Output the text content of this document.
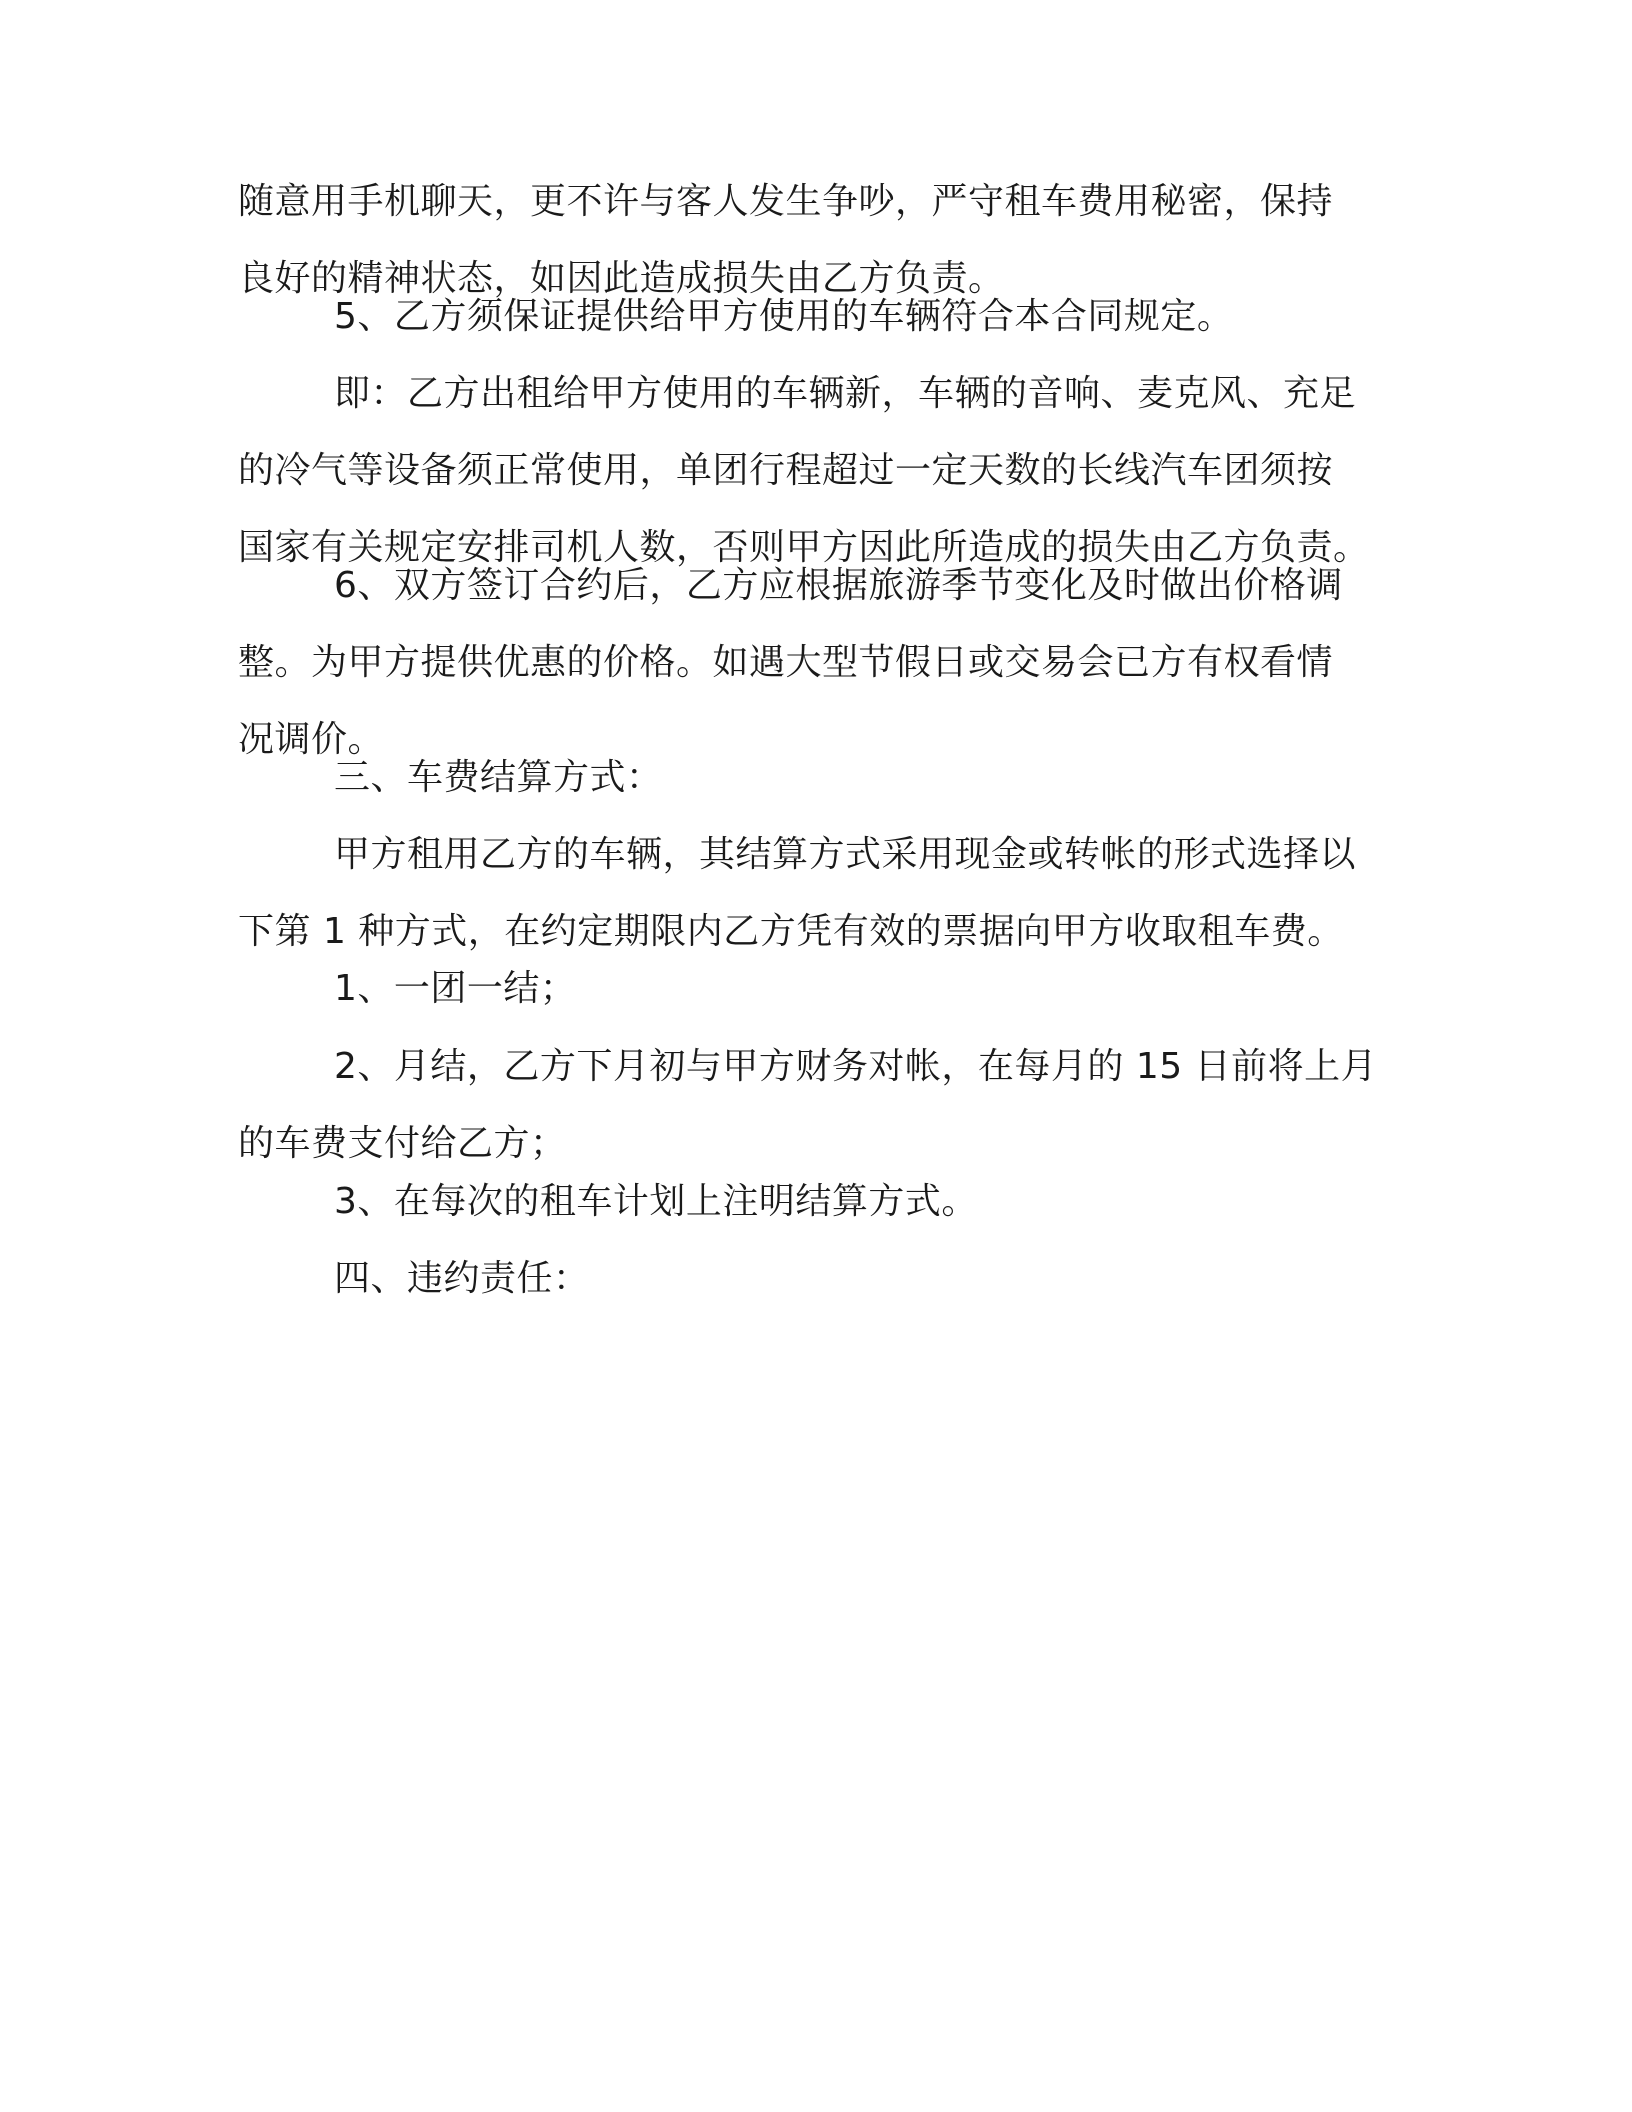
随意用手机聊天，更不许与客人发生争吵，严守租车费用秘密，保持
良好的精神状态，如因此造成损失由乙方负责。

5、乙方须保证提供给甲方使用的车辆符合本合同规定。

即：乙方出租给甲方使用的车辆新，车辆的音响、麦克风、充足
的冷气等设备须正常使用，单团行程超过一定天数的长线汽车团须按
国家有关规定安排司机人数，否则甲方因此所造成的损失由乙方负责。

6、双方签订合约后，乙方应根据旅游季节变化及时做出价格调
整。为甲方提供优惠的价格。如遇大型节假日或交易会已方有权看情
况调价。

三、车费结算方式：

甲方租用乙方的车辆，其结算方式采用现金或转帐的形式选择以
下第 1 种方式，在约定期限内乙方凭有效的票据向甲方收取租车费。

1、一团一结；

2、月结，乙方下月初与甲方财务对帐，在每月的 15 日前将上月
的车费支付给乙方；

3、在每次的租车计划上注明结算方式。

四、违约责任：
